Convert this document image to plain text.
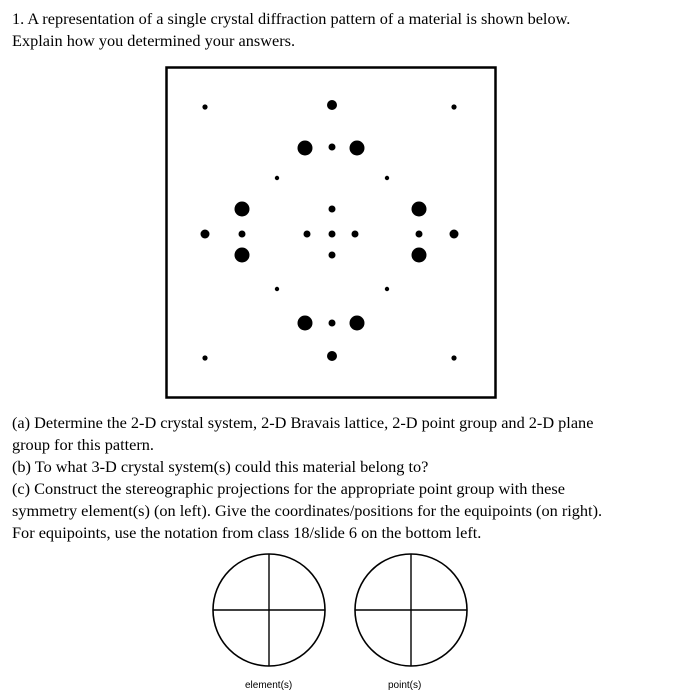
1. A representation of a single crystal diffraction pattern of a material is shown below.

Explain how you determined your answers.

(a) Determine the 2-D crystal system, 2-D Bravais lattice, 2-D point group and 2-D plane

group for this pattern.

(b) To what 3-D crystal system(s) could this material belong to?

(c) Construct the stereographic projections for the appropriate point group with these

symmetry element(s) (on left). Give the coordinates/positions for the equipoints (on right).

For equipoints, use the notation from class 18/slide 6 on the bottom left.

element(s)	point(s)
